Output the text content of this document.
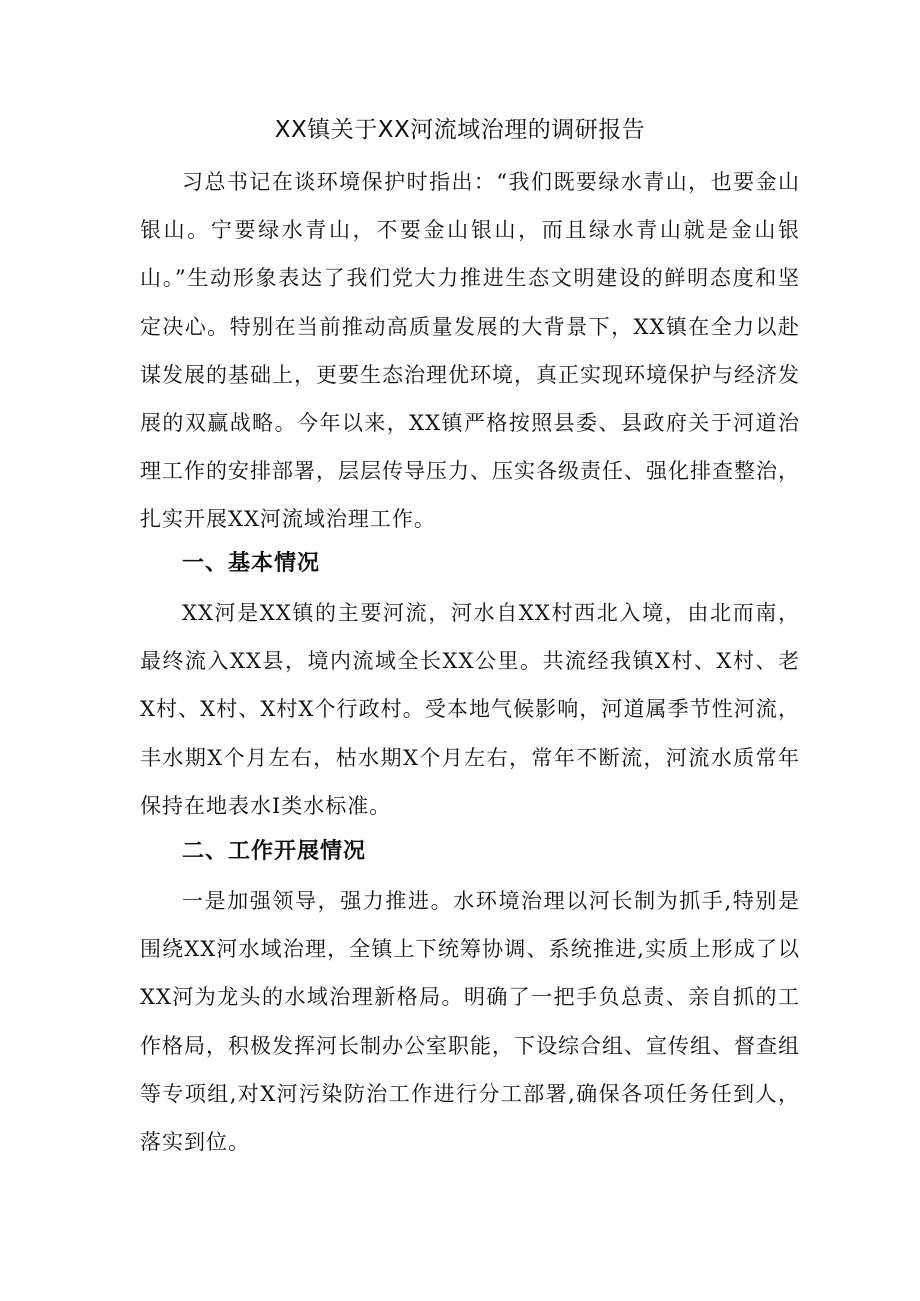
XX镇关于XX河流域治理的调研报告

习总书记在谈环境保护时指出：“我们既要绿水青山，也要金山银山。宁要绿水青山，不要金山银山，而且绿水青山就是金山银山。”生动形象表达了我们党大力推进生态文明建设的鲜明态度和坚定决心。特别在当前推动高质量发展的大背景下，XX镇在全力以赴谋发展的基础上，更要生态治理优环境，真正实现环境保护与经济发展的双赢战略。今年以来，XX镇严格按照县委、县政府关于河道治理工作的安排部署，层层传导压力、压实各级责任、强化排查整治，扎实开展XX河流域治理工作。

一、基本情况

XX河是XX镇的主要河流，河水自XX村西北入境，由北而南，最终流入XX县，境内流域全长XX公里。共流经我镇X村、X村、老X村、X村、X村X个行政村。受本地气候影响，河道属季节性河流，丰水期X个月左右，枯水期X个月左右，常年不断流，河流水质常年保持在地表水Ⅰ类水标准。

二、工作开展情况

一是加强领导，强力推进。水环境治理以河长制为抓手,特别是围绕XX河水域治理，全镇上下统筹协调、系统推进,实质上形成了以XX河为龙头的水域治理新格局。明确了一把手负总责、亲自抓的工作格局，积极发挥河长制办公室职能，下设综合组、宣传组、督查组等专项组,对X河污染防治工作进行分工部署,确保各项任务任到人，落实到位。
